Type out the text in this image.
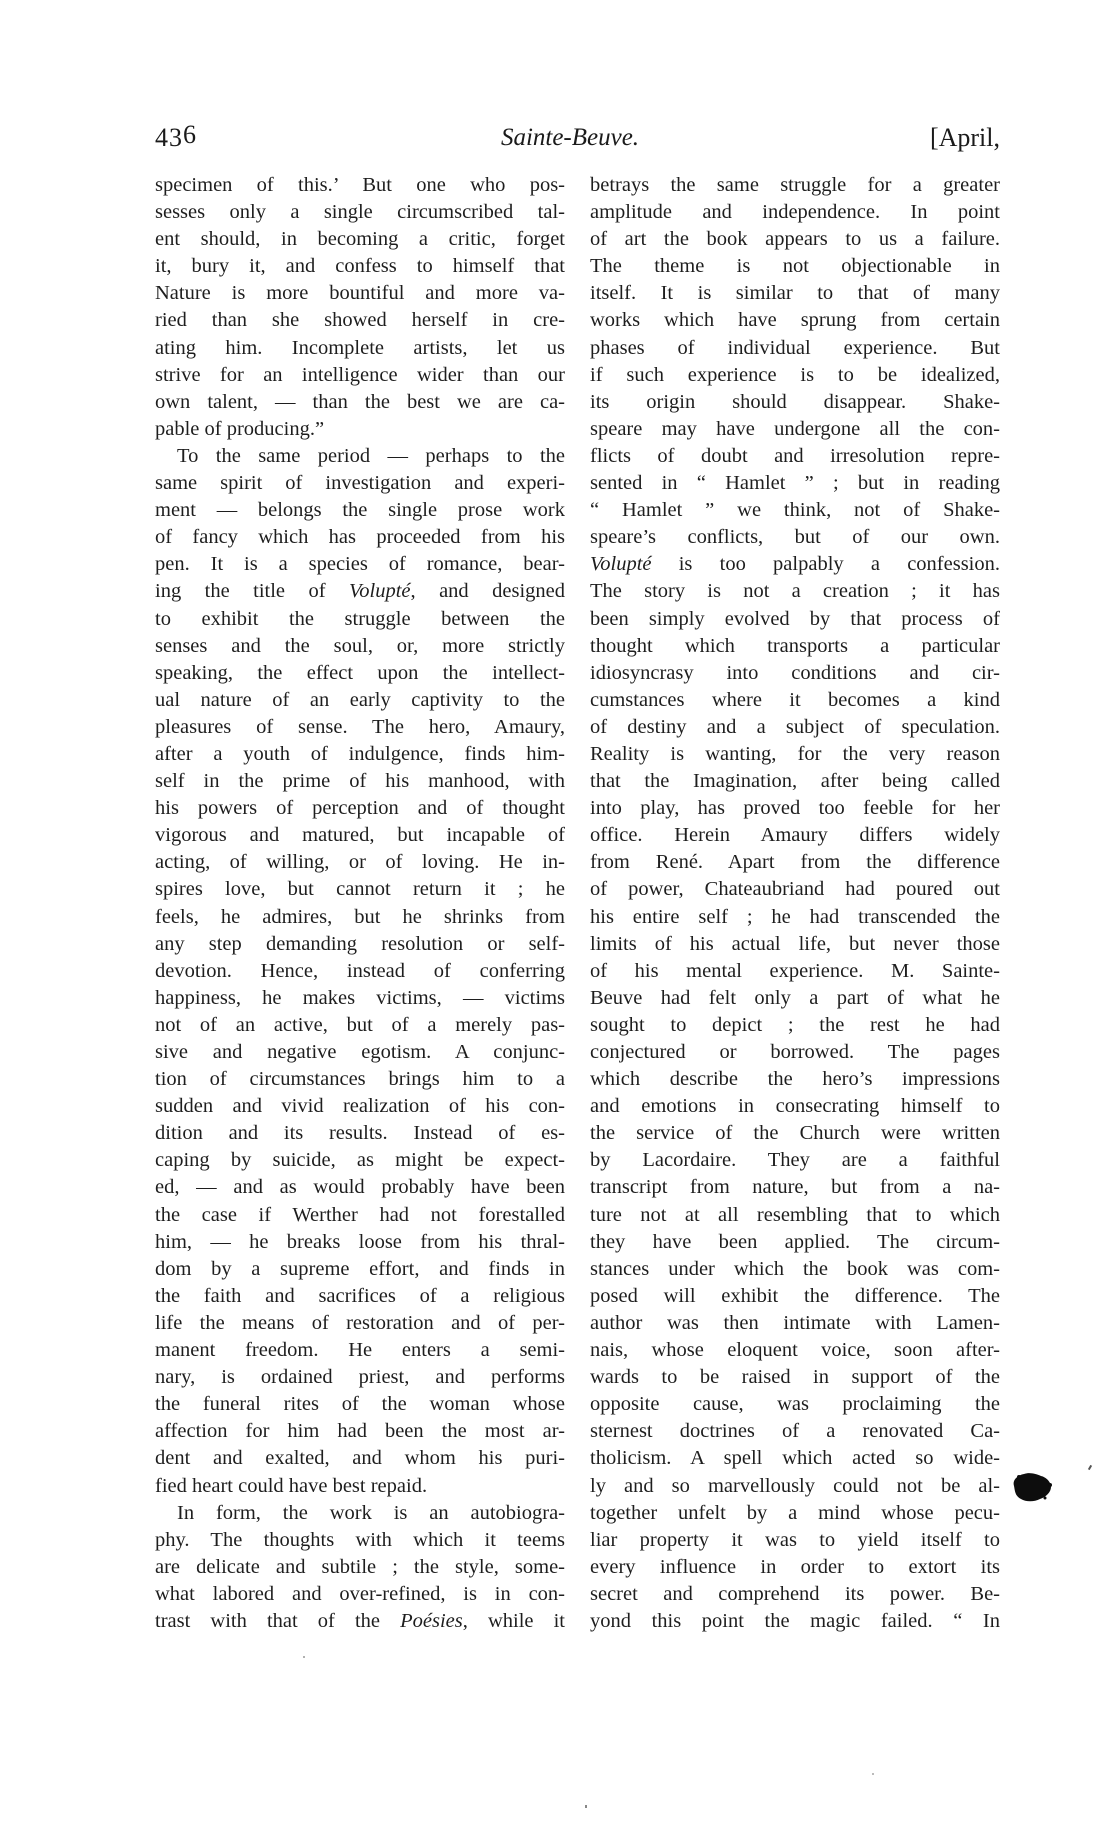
436	Sainte-Beuve.	[April,
specimen of this.’ But one who pos-
sesses only a single circumscribed tal-
ent should, in becoming a critic, forget
it, bury it, and confess to himself that
Nature is more bountiful and more va-
ried than she showed herself in cre-
ating him. Incomplete artists, let us
strive for an intelligence wider than our
own talent, — than the best we are ca-
pable of producing.”
To the same period — perhaps to the
same spirit of investigation and experi-
ment — belongs the single prose work
of fancy which has proceeded from his
pen. It is a species of romance, bear-
ing the title of Volupté, and designed
to exhibit the struggle between the
senses and the soul, or, more strictly
speaking, the effect upon the intellect-
ual nature of an early captivity to the
pleasures of sense. The hero, Amaury,
after a youth of indulgence, finds him-
self in the prime of his manhood, with
his powers of perception and of thought
vigorous and matured, but incapable of
acting, of willing, or of loving. He in-
spires love, but cannot return it ; he
feels, he admires, but he shrinks from
any step demanding resolution or self-
devotion. Hence, instead of conferring
happiness, he makes victims, — victims
not of an active, but of a merely pas-
sive and negative egotism. A conjunc-
tion of circumstances brings him to a
sudden and vivid realization of his con-
dition and its results. Instead of es-
caping by suicide, as might be expect-
ed, — and as would probably have been
the case if Werther had not forestalled
him, — he breaks loose from his thral-
dom by a supreme effort, and finds in
the faith and sacrifices of a religious
life the means of restoration and of per-
manent freedom. He enters a semi-
nary, is ordained priest, and performs
the funeral rites of the woman whose
affection for him had been the most ar-
dent and exalted, and whom his puri-
fied heart could have best repaid.
In form, the work is an autobiogra-
phy. The thoughts with which it teems
are delicate and subtile ; the style, some-
what labored and over-refined, is in con-
trast with that of the Poésies, while it
betrays the same struggle for a greater
amplitude and independence. In point
of art the book appears to us a failure.
The theme is not objectionable in
itself. It is similar to that of many
works which have sprung from certain
phases of individual experience. But
if such experience is to be idealized,
its origin should disappear. Shake-
speare may have undergone all the con-
flicts of doubt and irresolution repre-
sented in “ Hamlet ” ; but in reading
“ Hamlet ” we think, not of Shake-
speare’s conflicts, but of our own.
Volupté is too palpably a confession.
The story is not a creation ; it has
been simply evolved by that process of
thought which transports a particular
idiosyncrasy into conditions and cir-
cumstances where it becomes a kind
of destiny and a subject of speculation.
Reality is wanting, for the very reason
that the Imagination, after being called
into play, has proved too feeble for her
office. Herein Amaury differs widely
from René. Apart from the difference
of power, Chateaubriand had poured out
his entire self ; he had transcended the
limits of his actual life, but never those
of his mental experience. M. Sainte-
Beuve had felt only a part of what he
sought to depict ; the rest he had
conjectured or borrowed. The pages
which describe the hero’s impressions
and emotions in consecrating himself to
the service of the Church were written
by Lacordaire. They are a faithful
transcript from nature, but from a na-
ture not at all resembling that to which
they have been applied. The circum-
stances under which the book was com-
posed will exhibit the difference. The
author was then intimate with Lamen-
nais, whose eloquent voice, soon after-
wards to be raised in support of the
opposite cause, was proclaiming the
sternest doctrines of a renovated Ca-
tholicism. A spell which acted so wide-
ly and so marvellously could not be al-
together unfelt by a mind whose pecu-
liar property it was to yield itself to
every influence in order to extort its
secret and comprehend its power. Be-
yond this point the magic failed. “ In
